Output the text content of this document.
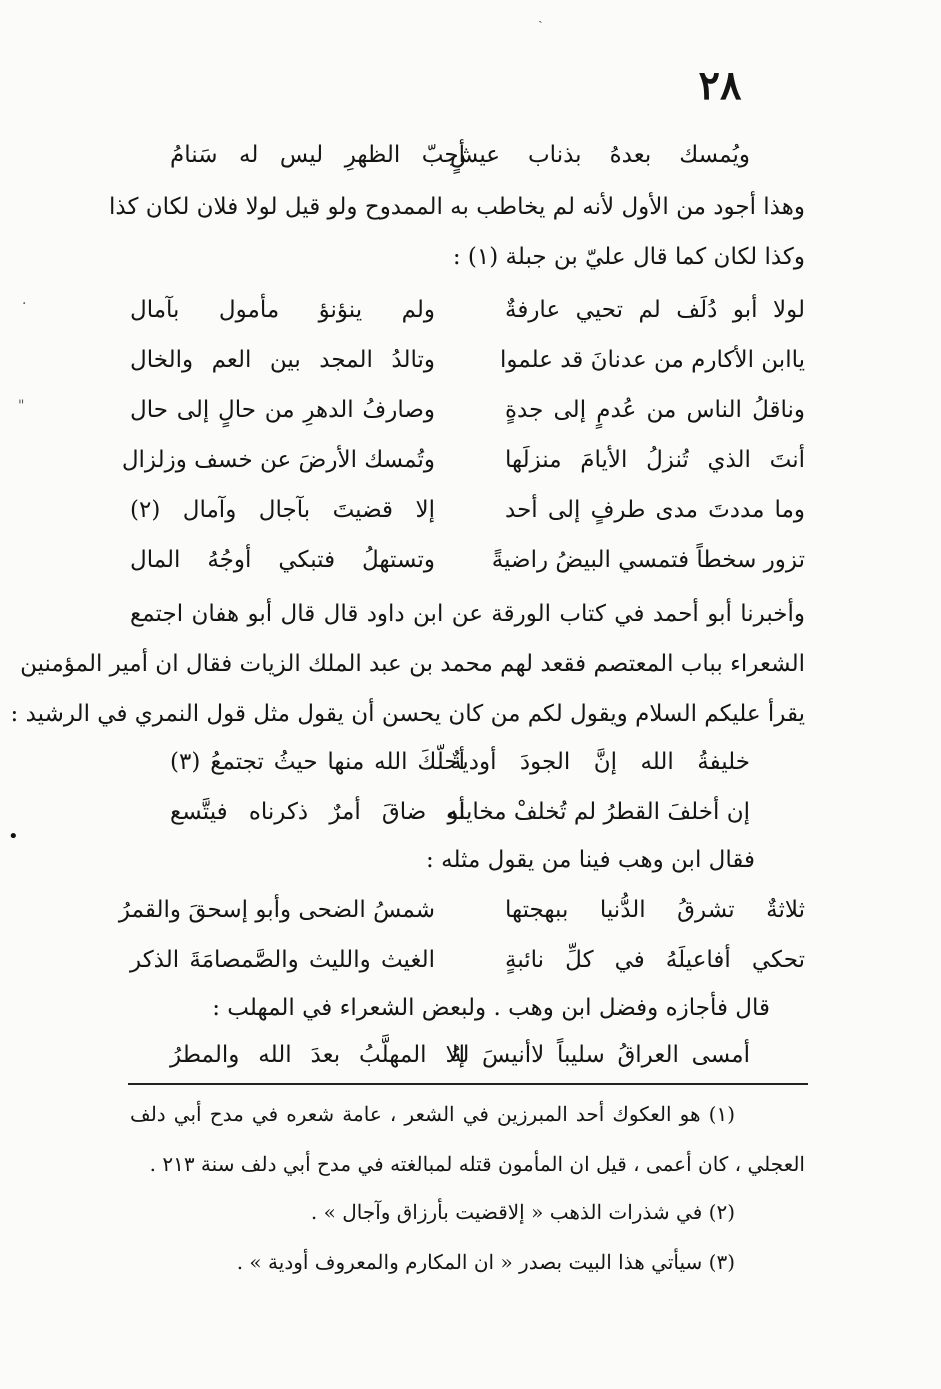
٢٨
ويُمسك بعدهُ بذناب عيشٍ
أجبّ الظهرِ ليس له سَنامُ
وهذا أجود من الأول لأنه لم يخاطب به الممدوح ولو قيل لولا فلان لكان كذا
وكذا لكان كما قال عليّ بن جبلة (١) :
لولا أبو دُلَف لم تحيي عارفةٌ
ولم ينؤنؤ مأمول بآمال
ياابن الأكارم من عدنانَ قد علموا
وتالدُ المجد بين العم والخال
وناقلُ الناس من عُدمٍ إلى جدةٍ
وصارفُ الدهرِ من حالٍ إلى حال
أنتَ الذي تُنزلُ الأيامَ منزلَها
وتُمسك الأرضَ عن خسف وزلزال
وما مددتَ مدى طرفٍ إلى أحد
إلا قضيتَ بآجال وآمال (٢)
تزور سخطاً فتمسي البيضُ راضيةً
وتستهلُ فتبكي أوجُهُ المال
وأخبرنا أبو أحمد في كتاب الورقة عن ابن داود قال قال أبو هفان اجتمع
الشعراء بباب المعتصم فقعد لهم محمد بن عبد الملك الزيات فقال ان أمير المؤمنين
يقرأ عليكم السلام ويقول لكم من كان يحسن أن يقول مثل قول النمري في الرشيد :
خليفةُ الله إنَّ الجودَ أوديةٌ
أحلّكَ الله منها حيثُ تجتمعُ (٣)
إن أخلفَ القطرُ لم تُخلفْ مخايله
أو ضاقَ أمرٌ ذكرناه فيتَّسع
فقال ابن وهب فينا من يقول مثله :
ثلاثةٌ تشرقُ الدُّنيا ببهجتها
شمسُ الضحى وأبو إسحقَ والقمرُ
تحكي أفاعيلَهُ في كلِّ نائبةٍ
الغيث والليث والصَّمصامَةَ الذكر
قال فأجازه وفضل ابن وهب . ولبعض الشعراء في المهلب :
أمسى العراقُ سليباً لاأنيسَ لهُ
إلا المهلَّبُ بعدَ الله والمطرُ
(١) هو العكوك أحد المبرزين في الشعر ، عامة شعره في مدح أبي دلف
العجلي ، كان أعمى ، قيل ان المأمون قتله لمبالغته في مدح أبي دلف سنة ٢١٣ .
(٢) في شذرات الذهب « إلاقضيت بأرزاق وآجال » .
(٣) سيأتي هذا البيت بصدر « ان المكارم والمعروف أودية » .
ˎ
·
"
•
